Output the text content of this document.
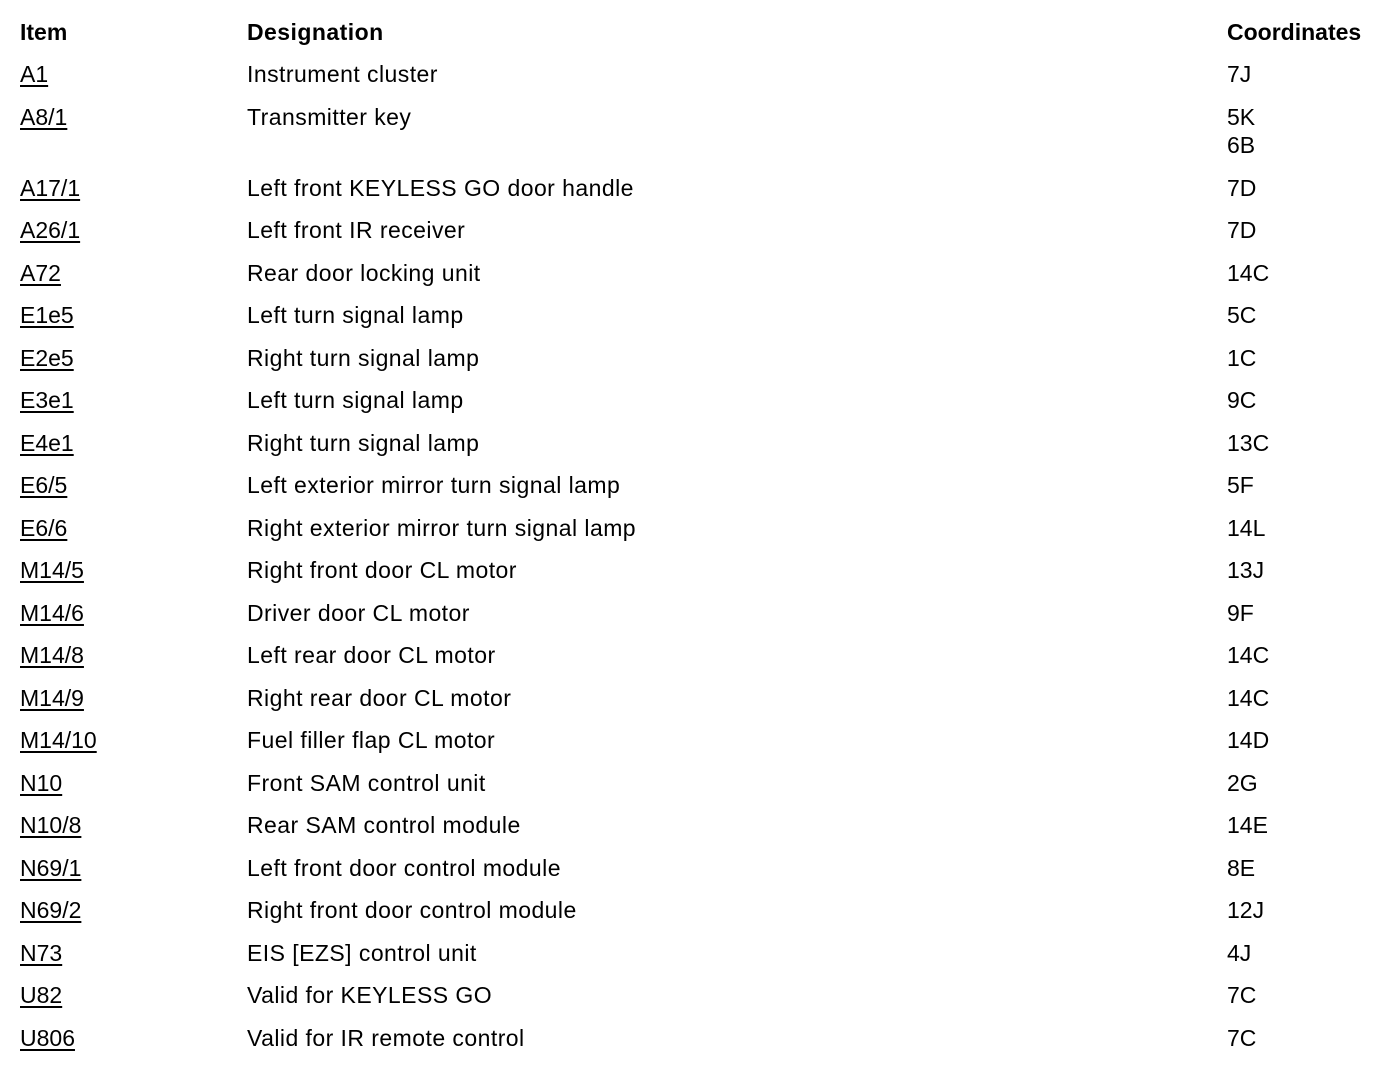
Item	Designation	Coordinates
A1	Instrument cluster	7J
A8/1	Transmitter key	5K
6B
A17/1	Left front KEYLESS GO door handle	7D
A26/1	Left front IR receiver	7D
A72	Rear door locking unit	14C
E1e5	Left turn signal lamp	5C
E2e5	Right turn signal lamp	1C
E3e1	Left turn signal lamp	9C
E4e1	Right turn signal lamp	13C
E6/5	Left exterior mirror turn signal lamp	5F
E6/6	Right exterior mirror turn signal lamp	14L
M14/5	Right front door CL motor	13J
M14/6	Driver door CL motor	9F
M14/8	Left rear door CL motor	14C
M14/9	Right rear door CL motor	14C
M14/10	Fuel filler flap CL motor	14D
N10	Front SAM control unit	2G
N10/8	Rear SAM control module	14E
N69/1	Left front door control module	8E
N69/2	Right front door control module	12J
N73	EIS [EZS] control unit	4J
U82	Valid for KEYLESS GO	7C
U806	Valid for IR remote control	7C
